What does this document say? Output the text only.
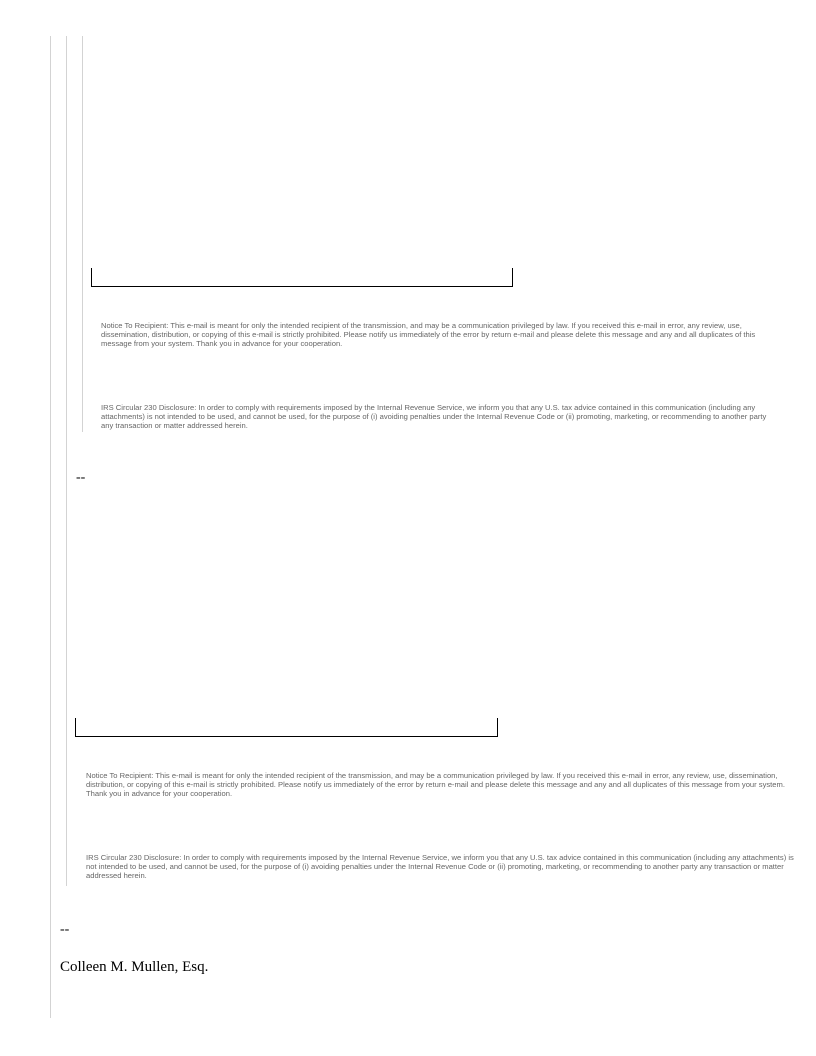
Notice To Recipient: This e-mail is meant for only the intended recipient of the transmission, and may be a communication privileged by law. If you received this e-mail in error, any review, use, dissemination, distribution, or copying of this e-mail is strictly prohibited. Please notify us immediately of the error by return e-mail and please delete this message and any and all duplicates of this message from your system. Thank you in advance for your cooperation.

IRS Circular 230 Disclosure: In order to comply with requirements imposed by the Internal Revenue Service, we inform you that any U.S. tax advice contained in this communication (including any attachments) is not intended to be used, and cannot be used, for the purpose of (i) avoiding penalties under the Internal Revenue Code or (ii) promoting, marketing, or recommending to another party any transaction or matter addressed herein.

--

Notice To Recipient: This e-mail is meant for only the intended recipient of the transmission, and may be a communication privileged by law. If you received this e-mail in error, any review, use, dissemination, distribution, or copying of this e-mail is strictly prohibited. Please notify us immediately of the error by return e-mail and please delete this message and any and all duplicates of this message from your system. Thank you in advance for your cooperation.

IRS Circular 230 Disclosure: In order to comply with requirements imposed by the Internal Revenue Service, we inform you that any U.S. tax advice contained in this communication (including any attachments) is not intended to be used, and cannot be used, for the purpose of (i) avoiding penalties under the Internal Revenue Code or (ii) promoting, marketing, or recommending to another party any transaction or matter addressed herein.

--

Colleen M. Mullen, Esq.
